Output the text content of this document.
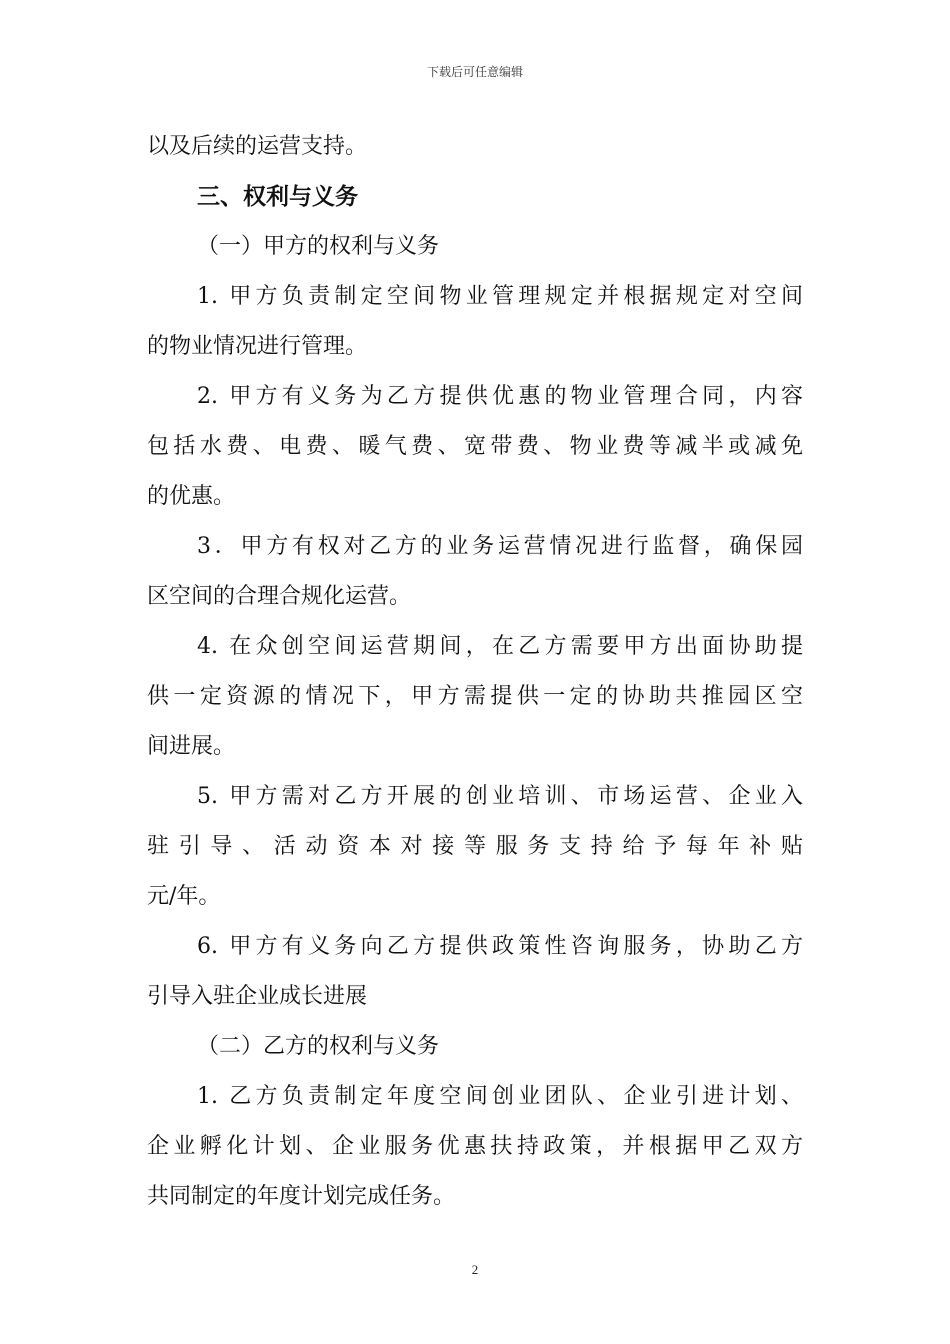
下载后可任意编辑
以及后续的运营支持。
三、权利与义务
（一）甲方的权利与义务
1. 甲方负责制定空间物业管理规定并根据规定对空间
的物业情况进行管理。
2. 甲方有义务为乙方提供优惠的物业管理合同，内容
包括水费、电费、暖气费、宽带费、物业费等减半或减免
的优惠。
3．甲方有权对乙方的业务运营情况进行监督，确保园
区空间的合理合规化运营。
4. 在众创空间运营期间，在乙方需要甲方出面协助提
供一定资源的情况下，甲方需提供一定的协助共推园区空
间进展。
5. 甲方需对乙方开展的创业培训、市场运营、企业入
驻引导、活动资本对接等服务支持给予每年补贴
元/年。
6. 甲方有义务向乙方提供政策性咨询服务，协助乙方
引导入驻企业成长进展
（二）乙方的权利与义务
1. 乙方负责制定年度空间创业团队、企业引进计划、
企业孵化计划、企业服务优惠扶持政策，并根据甲乙双方
共同制定的年度计划完成任务。
2
